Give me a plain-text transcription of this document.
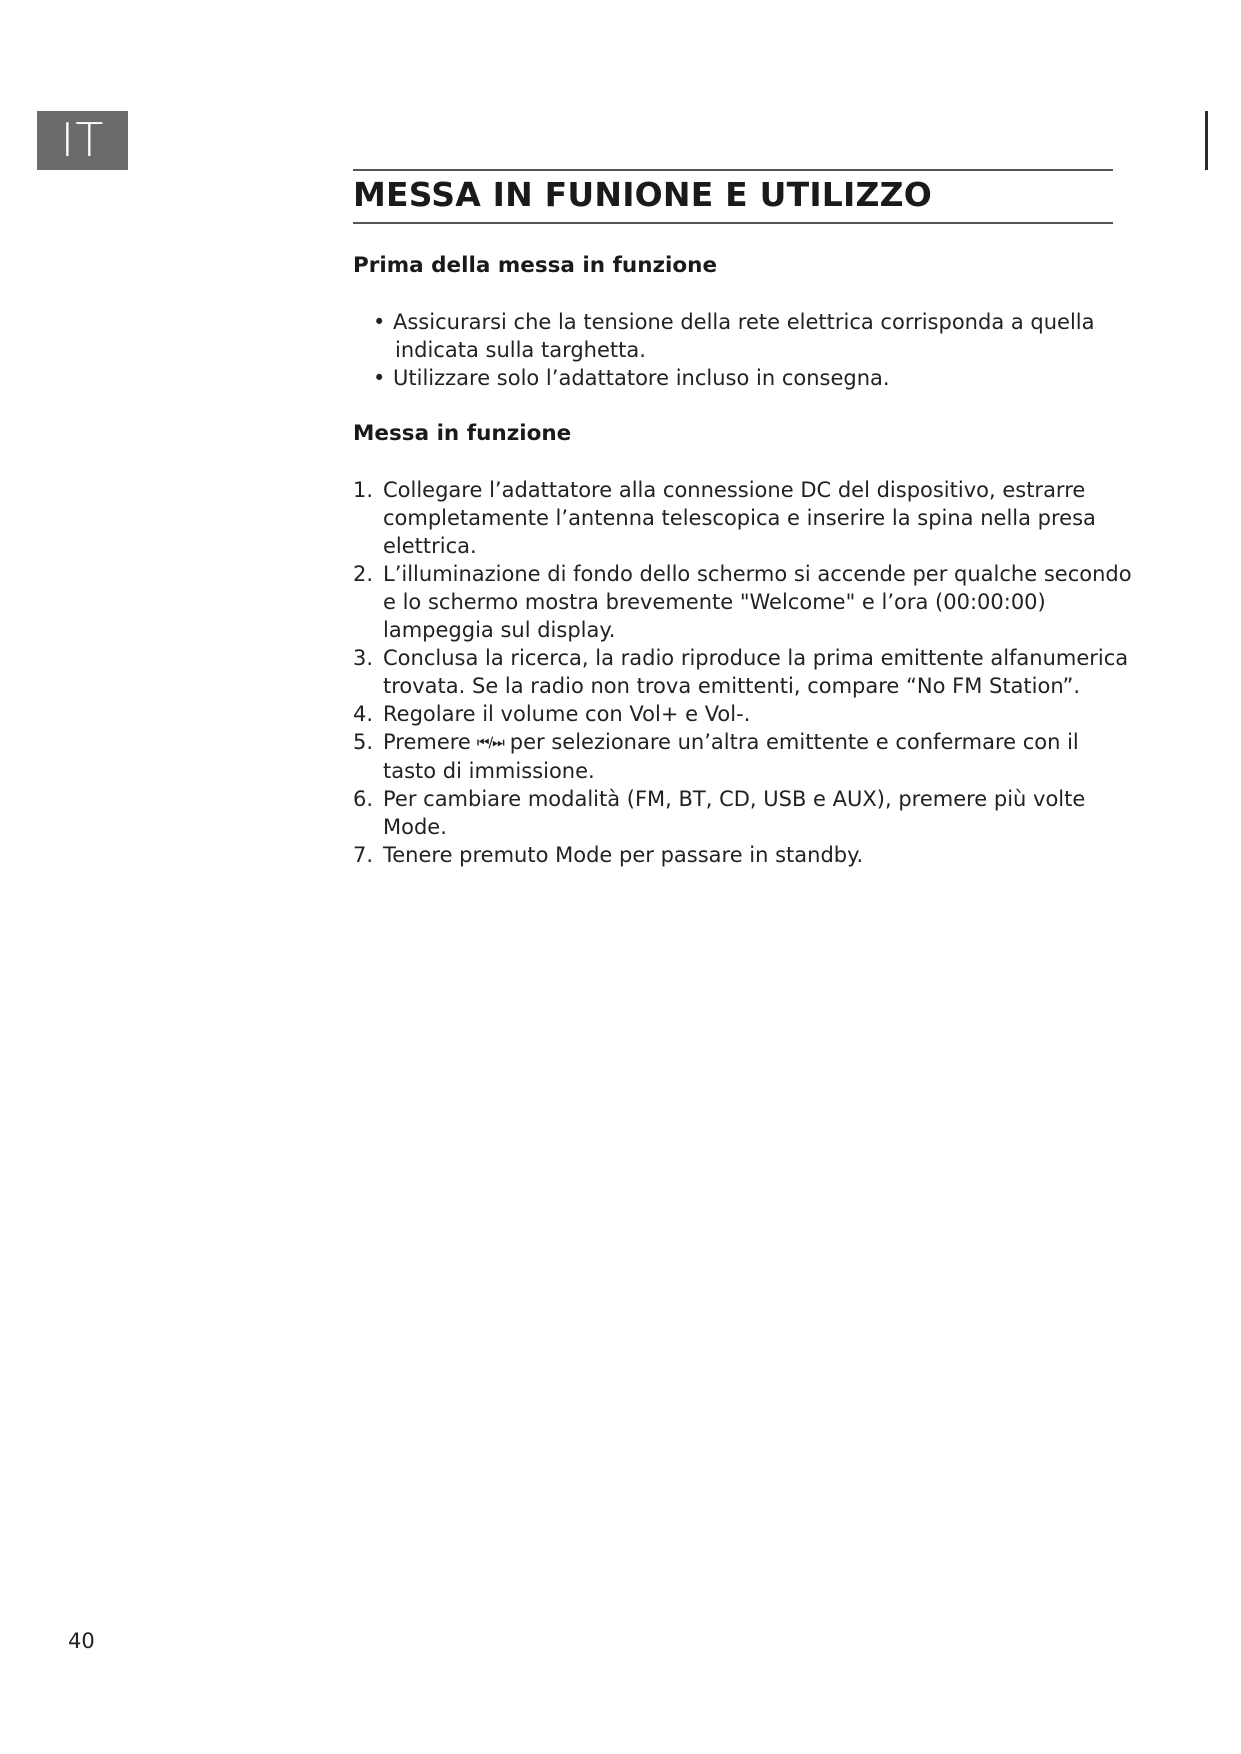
IT
MESSA IN FUNIONE E UTILIZZO
Prima della messa in funzione
• Assicurarsi che la tensione della rete elettrica corrisponda a quella indicata sulla targhetta.
• Utilizzare solo l’adattatore incluso in consegna.
Messa in funzione
1. Collegare l’adattatore alla connessione DC del dispositivo, estrarre completamente l’antenna telescopica e inserire la spina nella presa elettrica.
2. L’illuminazione di fondo dello schermo si accende per qualche secondo e lo schermo mostra brevemente "Welcome" e l’ora (00:00:00) lampeggia sul display.
3. Conclusa la ricerca, la radio riproduce la prima emittente alfanumerica trovata. Se la radio non trova emittenti, compare “No FM Station”.
4. Regolare il volume con Vol+ e Vol-.
5. Premere ⏮/⏭ per selezionare un’altra emittente e confermare con il tasto di immissione.
6. Per cambiare modalità (FM, BT, CD, USB e AUX), premere più volte Mode.
7. Tenere premuto Mode per passare in standby.
40
